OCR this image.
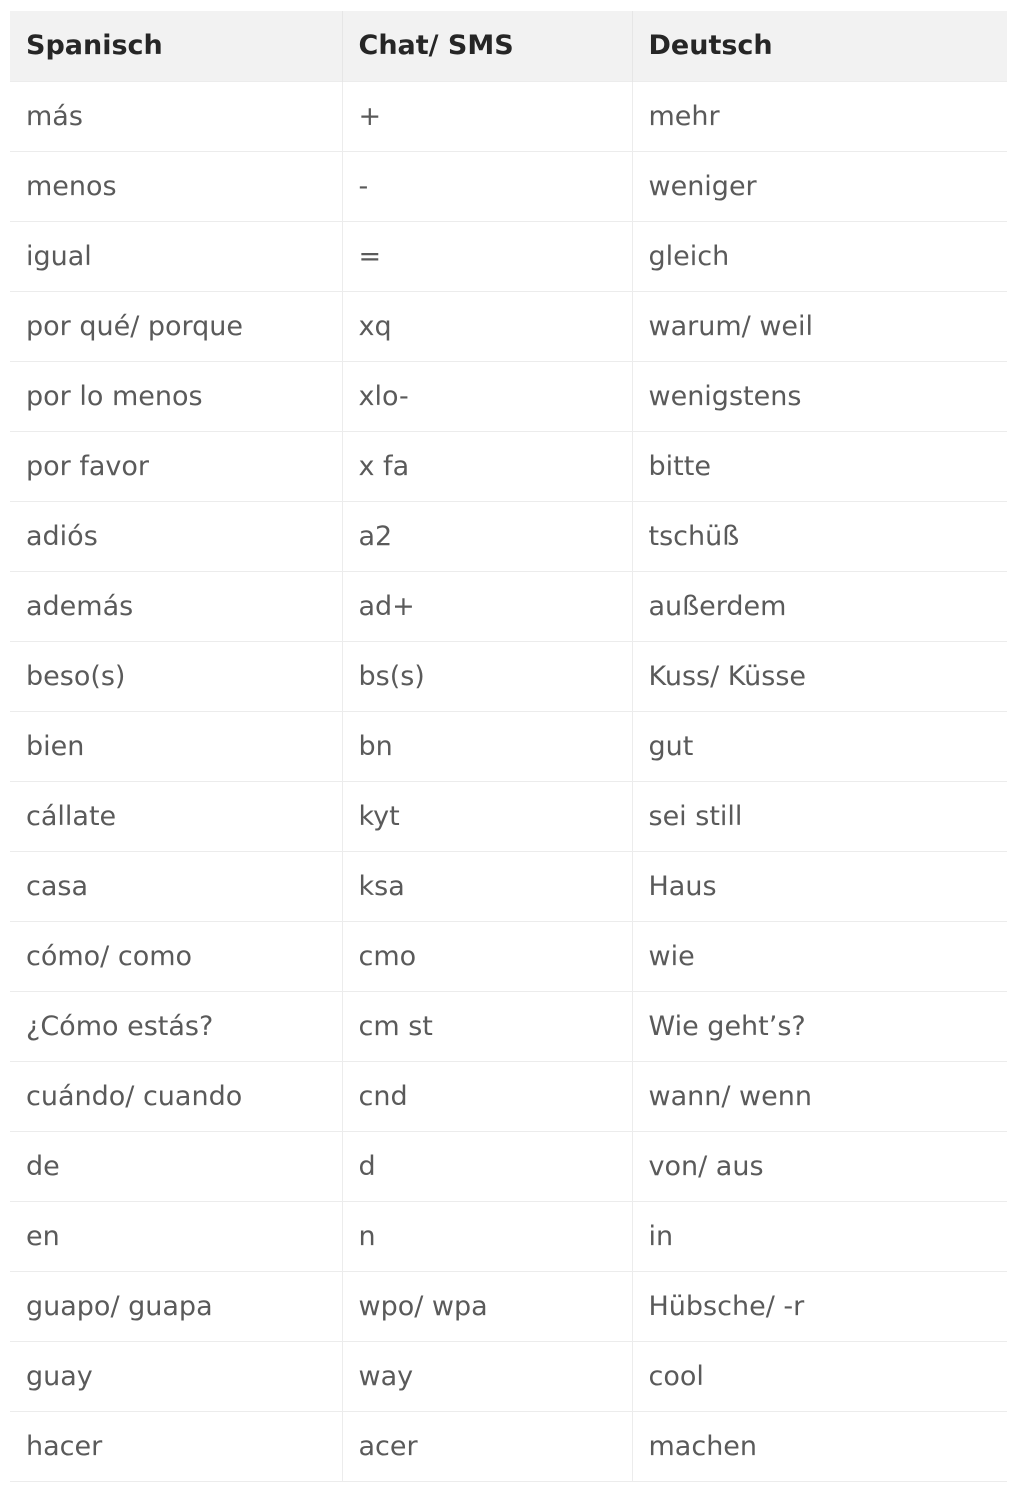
Spanisch	Chat/ SMS	Deutsch
más	+	mehr
menos	-	weniger
igual	=	gleich
por qué/ porque	xq	warum/ weil
por lo menos	xlo-	wenigstens
por favor	x fa	bitte
adiós	a2	tschüß
además	ad+	außerdem
beso(s)	bs(s)	Kuss/ Küsse
bien	bn	gut
cállate	kyt	sei still
casa	ksa	Haus
cómo/ como	cmo	wie
¿Cómo estás?	cm st	Wie geht’s?
cuándo/ cuando	cnd	wann/ wenn
de	d	von/ aus
en	n	in
guapo/ guapa	wpo/ wpa	Hübsche/ -r
guay	way	cool
hacer	acer	machen
